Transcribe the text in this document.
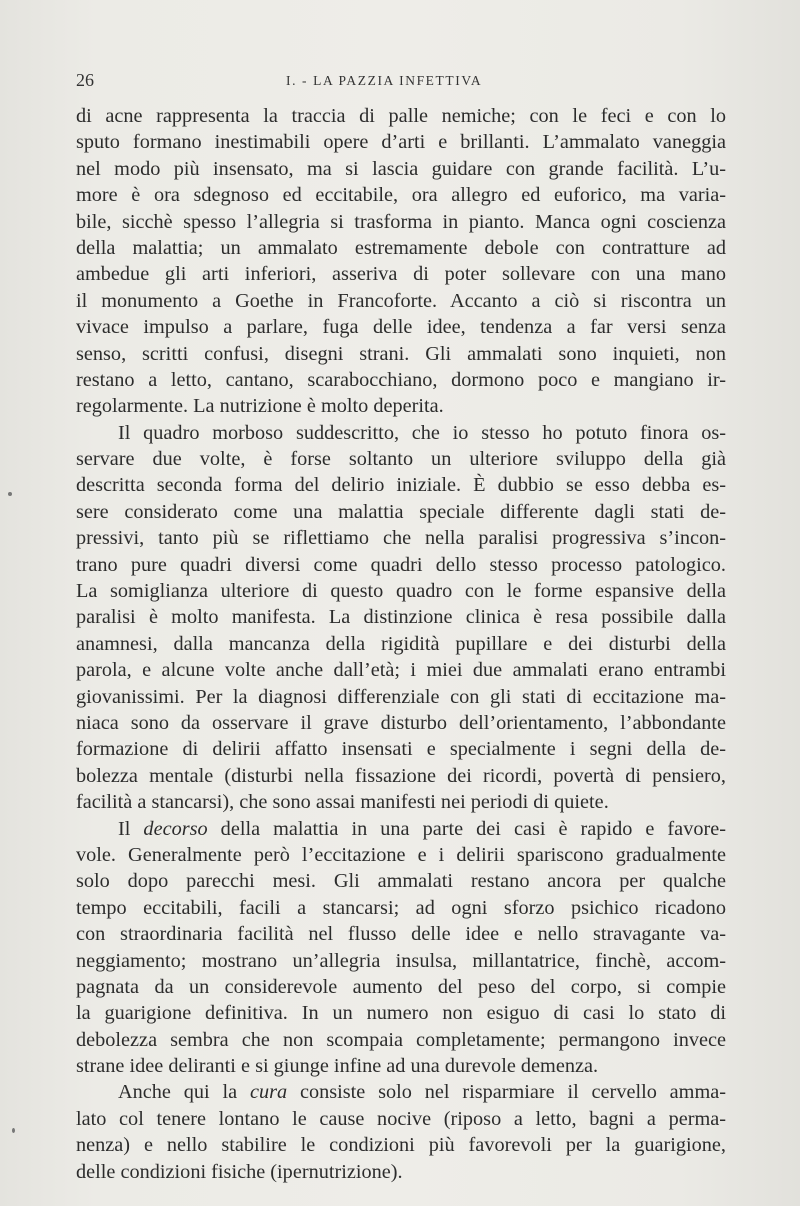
26	I. - LA PAZZIA INFETTIVA
di acne rappresenta la traccia di palle nemiche; con le feci e con lo
sputo formano inestimabili opere d’arti e brillanti. L’ammalato vaneggia
nel modo più insensato, ma si lascia guidare con grande facilità. L’u-
more è ora sdegnoso ed eccitabile, ora allegro ed euforico, ma varia-
bile, sicchè spesso l’allegria si trasforma in pianto. Manca ogni coscienza
della malattia; un ammalato estremamente debole con contratture ad
ambedue gli arti inferiori, asseriva di poter sollevare con una mano
il monumento a Goethe in Francoforte. Accanto a ciò si riscontra un
vivace impulso a parlare, fuga delle idee, tendenza a far versi senza
senso, scritti confusi, disegni strani. Gli ammalati sono inquieti, non
restano a letto, cantano, scarabocchiano, dormono poco e mangiano ir-
regolarmente. La nutrizione è molto deperita.
Il quadro morboso suddescritto, che io stesso ho potuto finora os-
servare due volte, è forse soltanto un ulteriore sviluppo della già
descritta seconda forma del delirio iniziale. È dubbio se esso debba es-
sere considerato come una malattia speciale differente dagli stati de-
pressivi, tanto più se riflettiamo che nella paralisi progressiva s’incon-
trano pure quadri diversi come quadri dello stesso processo patologico.
La somiglianza ulteriore di questo quadro con le forme espansive della
paralisi è molto manifesta. La distinzione clinica è resa possibile dalla
anamnesi, dalla mancanza della rigidità pupillare e dei disturbi della
parola, e alcune volte anche dall’età; i miei due ammalati erano entrambi
giovanissimi. Per la diagnosi differenziale con gli stati di eccitazione ma-
niaca sono da osservare il grave disturbo dell’orientamento, l’abbondante
formazione di delirii affatto insensati e specialmente i segni della de-
bolezza mentale (disturbi nella fissazione dei ricordi, povertà di pensiero,
facilità a stancarsi), che sono assai manifesti nei periodi di quiete.
Il decorso della malattia in una parte dei casi è rapido e favore-
vole. Generalmente però l’eccitazione e i delirii spariscono gradualmente
solo dopo parecchi mesi. Gli ammalati restano ancora per qualche
tempo eccitabili, facili a stancarsi; ad ogni sforzo psichico ricadono
con straordinaria facilità nel flusso delle idee e nello stravagante va-
neggiamento; mostrano un’allegria insulsa, millantatrice, finchè, accom-
pagnata da un considerevole aumento del peso del corpo, si compie
la guarigione definitiva. In un numero non esiguo di casi lo stato di
debolezza sembra che non scompaia completamente; permangono invece
strane idee deliranti e si giunge infine ad una durevole demenza.
Anche qui la cura consiste solo nel risparmiare il cervello amma-
lato col tenere lontano le cause nocive (riposo a letto, bagni a perma-
nenza) e nello stabilire le condizioni più favorevoli per la guarigione,
delle condizioni fisiche (ipernutrizione).
